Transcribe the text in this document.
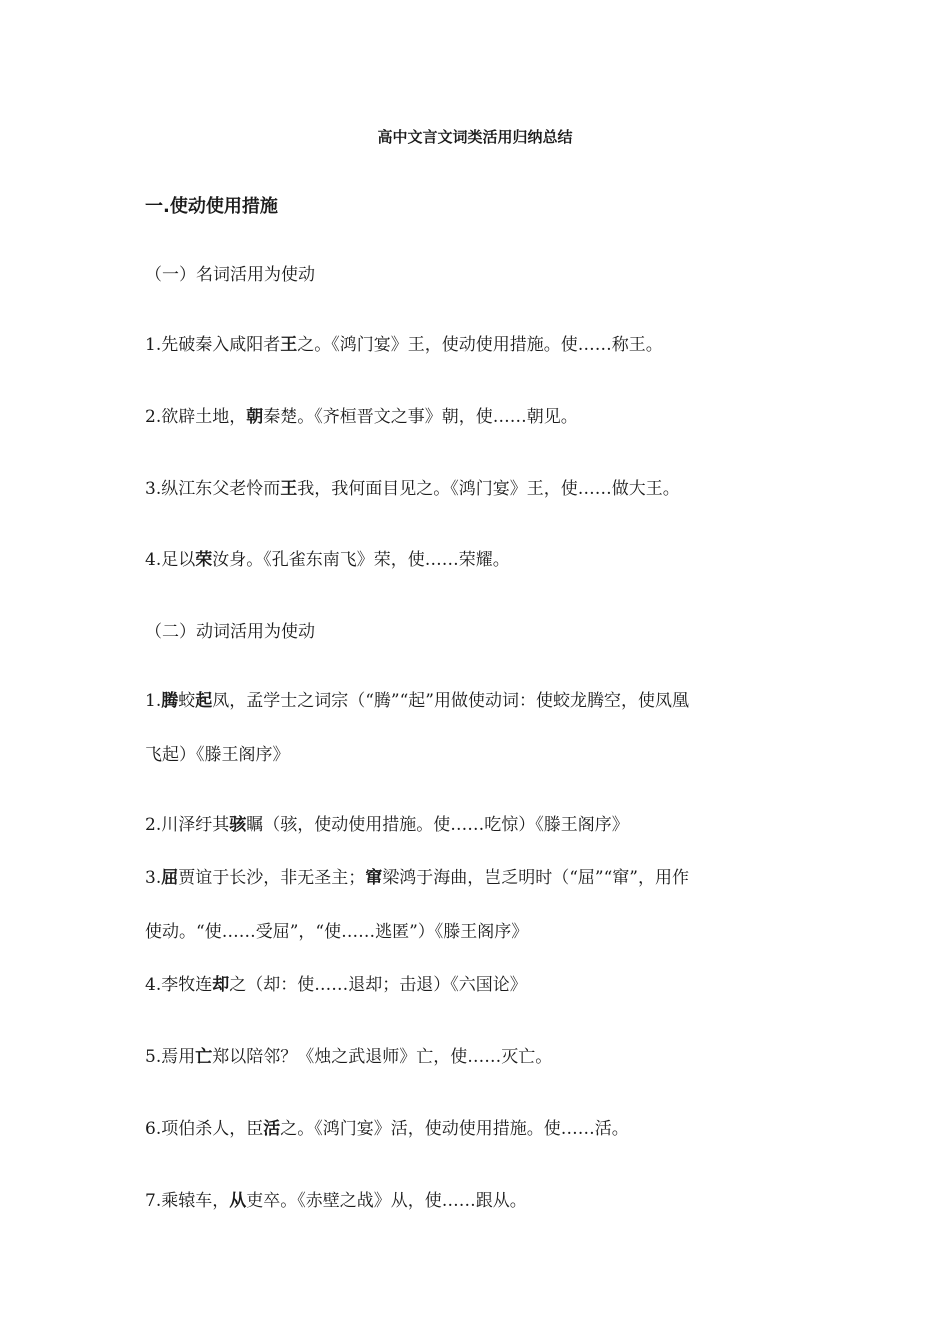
高中文言文词类活用归纳总结
一.使动使用措施
（一）名词活用为使动
1.先破秦入咸阳者王之。《鸿门宴》王，使动使用措施。使……称王。
2.欲辟土地，朝秦楚。《齐桓晋文之事》朝，使……朝见。
3.纵江东父老怜而王我，我何面目见之。《鸿门宴》王，使……做大王。
4.足以荣汝身。《孔雀东南飞》荣，使……荣耀。
（二）动词活用为使动
1.腾蛟起凤，孟学士之词宗（“腾”“起”用做使动词：使蛟龙腾空，使凤凰
飞起）《滕王阁序》
2.川泽纡其骇瞩（骇，使动使用措施。使……吃惊）《滕王阁序》
3.屈贾谊于长沙，非无圣主；窜梁鸿于海曲，岂乏明时（“屈”“窜”，用作
使动。“使……受屈”，“使……逃匿”）《滕王阁序》
4.李牧连却之（却：使……退却；击退）《六国论》
5.焉用亡郑以陪邻？《烛之武退师》亡，使……灭亡。
6.项伯杀人，臣活之。《鸿门宴》活，使动使用措施。使……活。
7.乘辕车，从吏卒。《赤壁之战》从，使……跟从。
